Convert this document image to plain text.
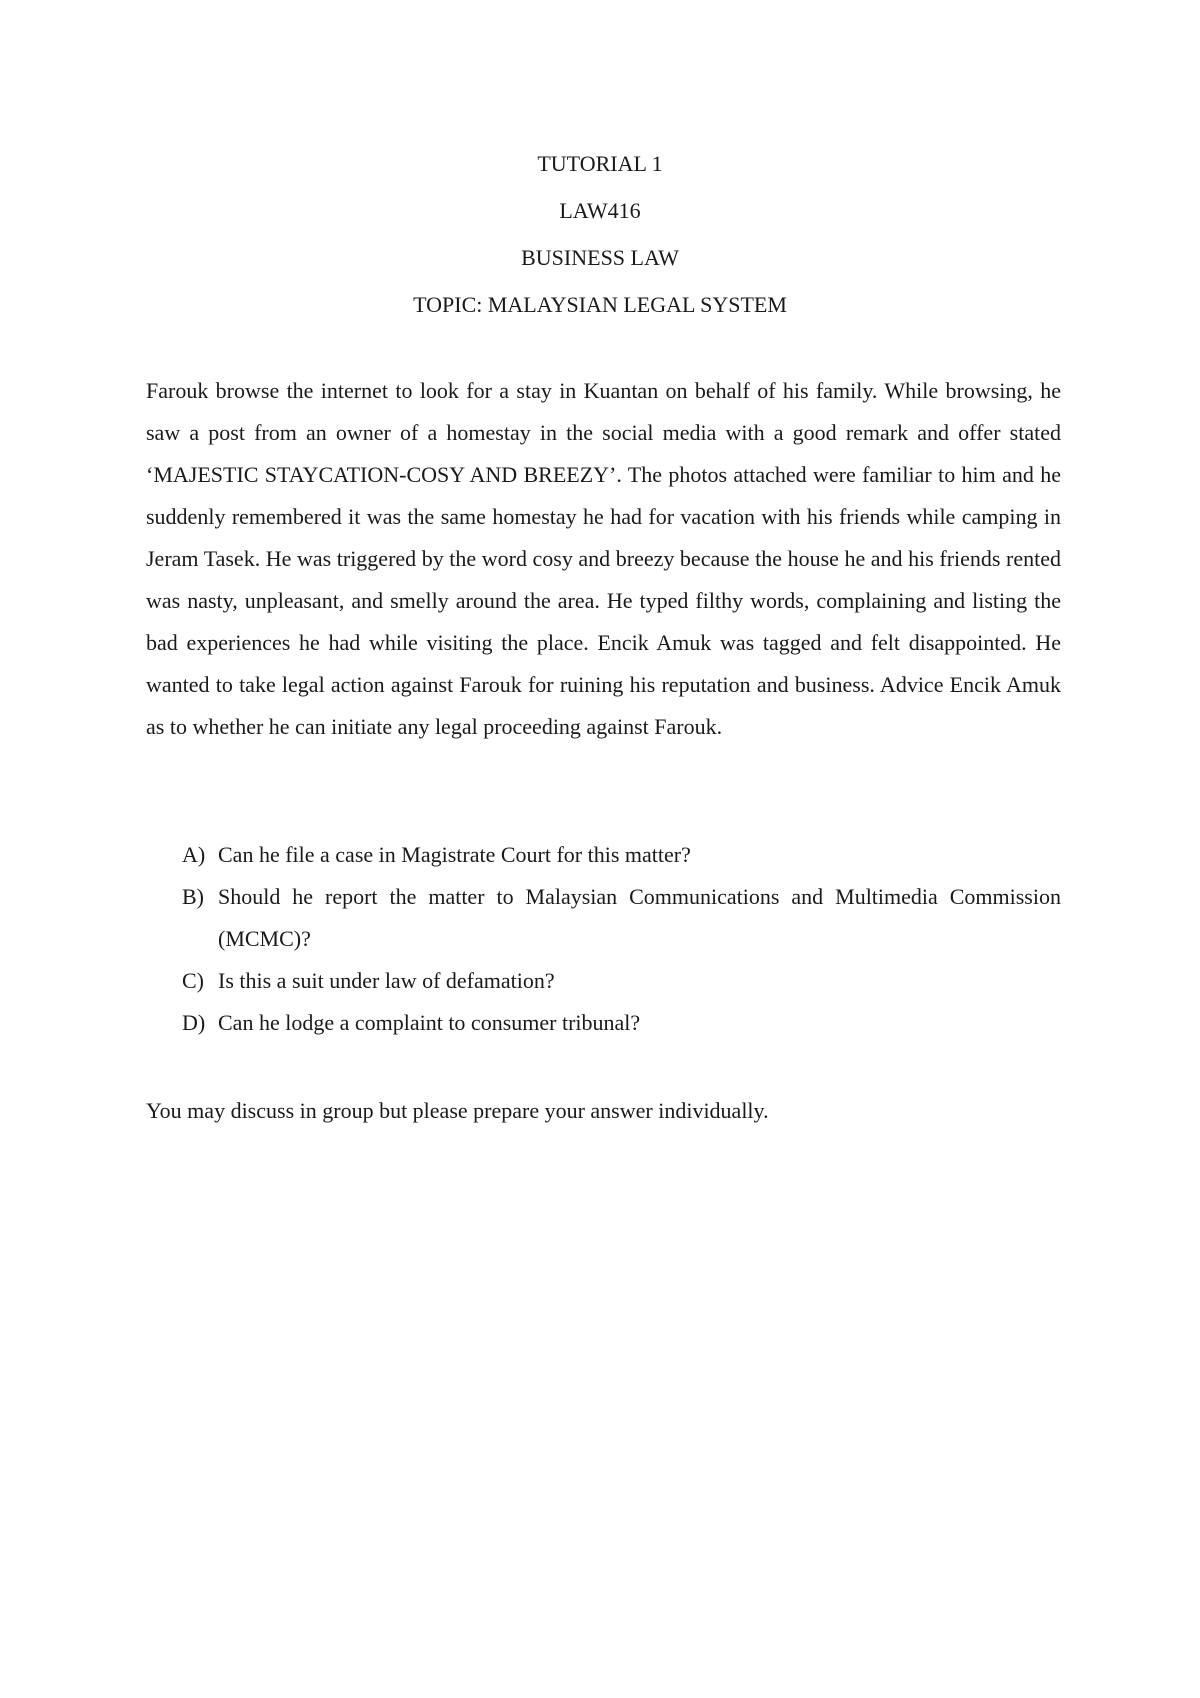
TUTORIAL 1
LAW416
BUSINESS LAW
TOPIC: MALAYSIAN LEGAL SYSTEM

Farouk browse the internet to look for a stay in Kuantan on behalf of his family. While browsing, he saw a post from an owner of a homestay in the social media with a good remark and offer stated ‘MAJESTIC STAYCATION-COSY AND BREEZY’. The photos attached were familiar to him and he suddenly remembered it was the same homestay he had for vacation with his friends while camping in Jeram Tasek. He was triggered by the word cosy and breezy because the house he and his friends rented was nasty, unpleasant, and smelly around the area. He typed filthy words, complaining and listing the bad experiences he had while visiting the place. Encik Amuk was tagged and felt disappointed. He wanted to take legal action against Farouk for ruining his reputation and business. Advice Encik Amuk as to whether he can initiate any legal proceeding against Farouk.

A) Can he file a case in Magistrate Court for this matter?
B) Should he report the matter to Malaysian Communications and Multimedia Commission (MCMC)?
C) Is this a suit under law of defamation?
D) Can he lodge a complaint to consumer tribunal?

You may discuss in group but please prepare your answer individually.
